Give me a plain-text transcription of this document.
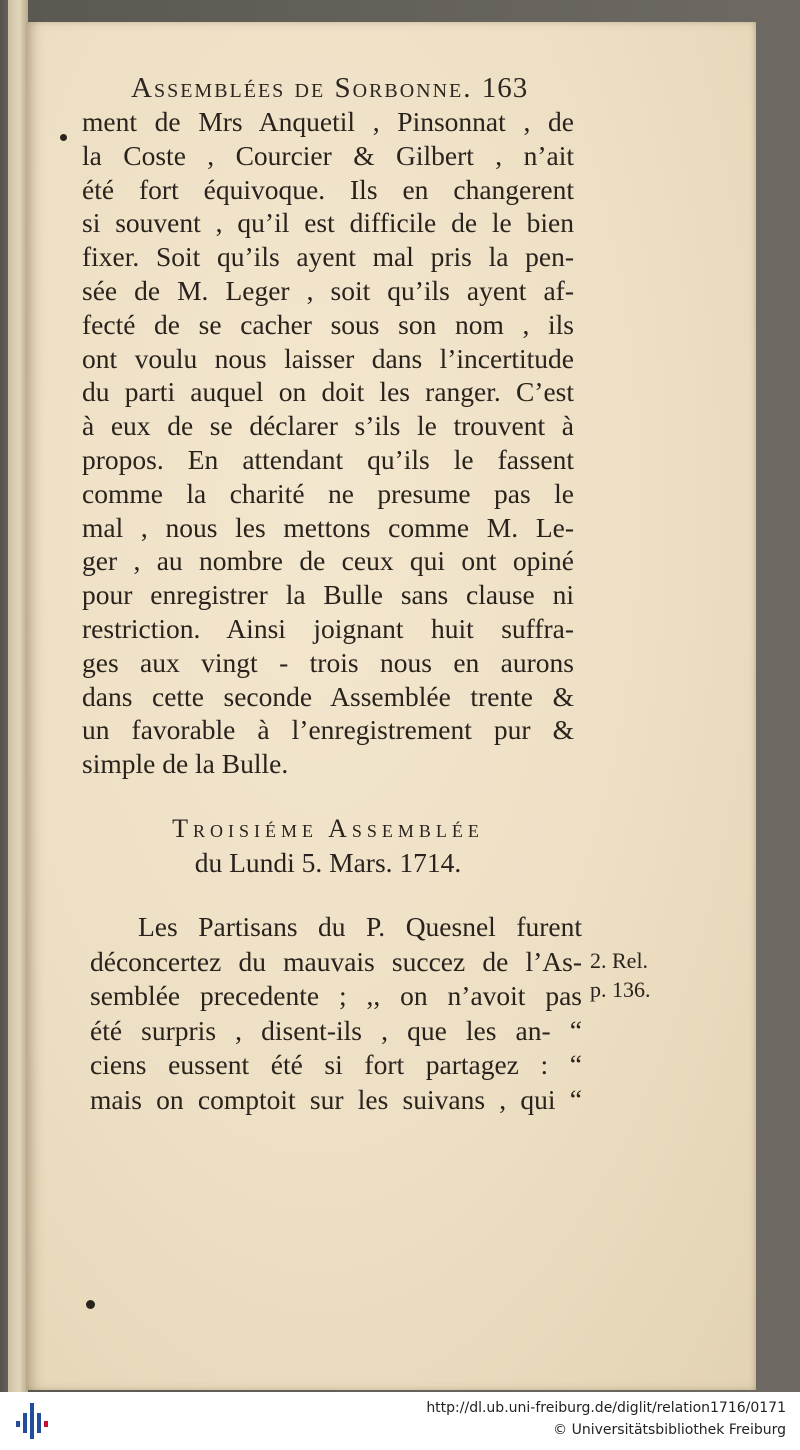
Assemblées de Sorbonne. 163
ment de Mrs Anquetil , Pinsonnat , de
la Coste , Courcier & Gilbert , n’ait
été fort équivoque. Ils en changerent
si souvent , qu’il est difficile de le bien
fixer. Soit qu’ils ayent mal pris la pen-
sée de M. Leger , soit qu’ils ayent af-
fecté de se cacher sous son nom , ils
ont voulu nous laisser dans l’incertitude
du parti auquel on doit les ranger. C’est
à eux de se déclarer s’ils le trouvent à
propos. En attendant qu’ils le fassent
comme la charité ne presume pas le
mal , nous les mettons comme M. Le-
ger , au nombre de ceux qui ont opiné
pour enregistrer la Bulle sans clause ni
restriction. Ainsi joignant huit suffra-
ges aux vingt - trois nous en aurons
dans cette seconde Assemblée trente &
un favorable à l’enregistrement pur &
simple de la Bulle.
Troisiéme Assemblée
du Lundi 5. Mars. 1714.
Les Partisans du P. Quesnel furent
déconcertez du mauvais succez de l’As-
semblée precedente ; ,, on n’avoit pas
été surpris , disent-ils , que les an- “
ciens eussent été si fort partagez : “
mais on comptoit sur les suivans , qui “
2. Rel.
p. 136.
http://dl.ub.uni-freiburg.de/diglit/relation1716/0171
© Universitätsbibliothek Freiburg
